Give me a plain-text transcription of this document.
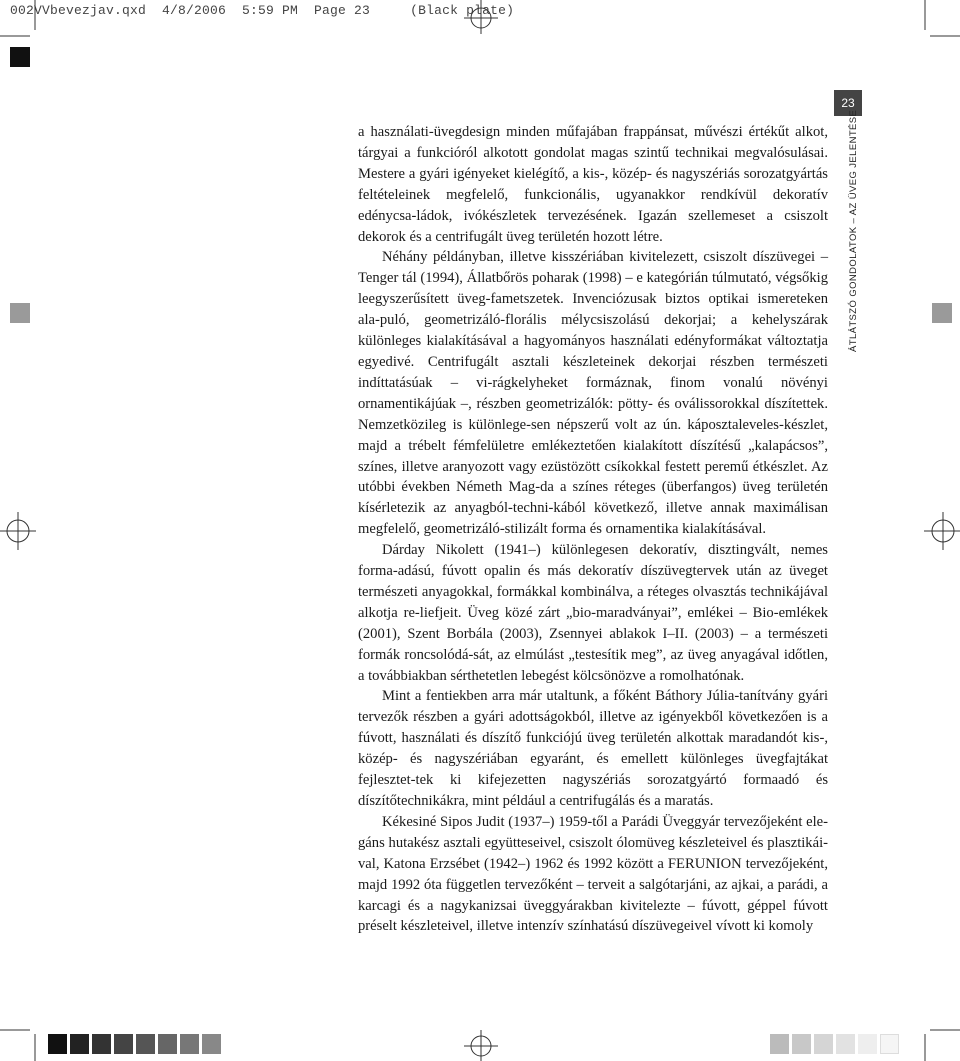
002VVbevezjav.qxd  4/8/2006  5:59 PM  Page 23     (Black plate)
23
ÁTLÁTSZÓ GONDOLATOK – AZ ÜVEG JELENTÉSE

a használati-üvegdesign minden műfajában frappánsat, művészi értékűt alkot, tárgyai a funkcióról alkotott gondolat magas szintű technikai megvalósulásai. Mestere a gyári igényeket kielégítő, a kis-, közép- és nagyszériás sorozatgyártás feltételeinek megfelelő, funkcionális, ugyanakkor rendkívül dekoratív edénycsa-ládok, ivókészletek tervezésének. Igazán szellemeset a csiszolt dekorok és a centrifugált üveg területén hozott létre.

Néhány példányban, illetve kisszériában kivitelezett, csiszolt díszüvegei – Tenger tál (1994), Állatbőrös poharak (1998) – e kategórián túlmutató, végsőkig leegyszerűsített üveg-fametszetek. Invenciózusak biztos optikai ismereteken ala-puló, geometrizáló-florális mélycsiszolású dekorjai; a kehelyszárak különleges kialakításával a hagyományos használati edényformákat változtatja egyedivé. Centrifugált asztali készleteinek dekorjai részben természeti indíttatásúak – vi-rágkelyheket formáznak, finom vonalú növényi ornamentikájúak –, részben geometrizálók: pötty- és oválissorokkal díszítettek. Nemzetközileg is különlege-sen népszerű volt az ún. káposztaleveles-készlet, majd a trébelt fémfelületre emlékeztetően kialakított díszítésű „kalapácsos”, színes, illetve aranyozott vagy ezüstözött csíkokkal festett peremű étkészlet. Az utóbbi években Németh Mag-da a színes réteges (überfangos) üveg területén kísérletezik az anyagból-techni-kából következő, illetve annak maximálisan megfelelő, geometrizáló-stilizált forma és ornamentika kialakításával.

Dárday Nikolett (1941–) különlegesen dekoratív, disztingvált, nemes forma-adású, fúvott opalin és más dekoratív díszüvegtervek után az üveget természeti anyagokkal, formákkal kombinálva, a réteges olvasztás technikájával alkotja re-liefjeit. Üveg közé zárt „bio-maradványai”, emlékei – Bio-emlékek (2001), Szent Borbála (2003), Zsennyei ablakok I–II. (2003) – a természeti formák roncsolódá-sát, az elmúlást „testesítik meg”, az üveg anyagával időtlen, a továbbiakban sérthetetlen lebegést kölcsönözve a romolhatónak.

Mint a fentiekben arra már utaltunk, a főként Báthory Júlia-tanítvány gyári tervezők részben a gyári adottságokból, illetve az igényekből következően is a fúvott, használati és díszítő funkciójú üveg területén alkottak maradandót kis-, közép- és nagyszériában egyaránt, és emellett különleges üvegfajtákat fejlesztet-tek ki kifejezetten nagyszériás sorozatgyártó formaadó és díszítőtechnikákra, mint például a centrifugálás és a maratás.

Kékesiné Sipos Judit (1937–) 1959-től a Parádi Üveggyár tervezőjeként ele-gáns hutakész asztali együtteseivel, csiszolt ólomüveg készleteivel és plasztikái-val, Katona Erzsébet (1942–) 1962 és 1992 között a FERUNION tervezőjeként, majd 1992 óta független tervezőként – terveit a salgótarjáni, az ajkai, a parádi, a karcagi és a nagykanizsai üveggyárakban kivitelezte – fúvott, géppel fúvott préselt készleteivel, illetve intenzív színhatású díszüvegeivel vívott ki komoly
